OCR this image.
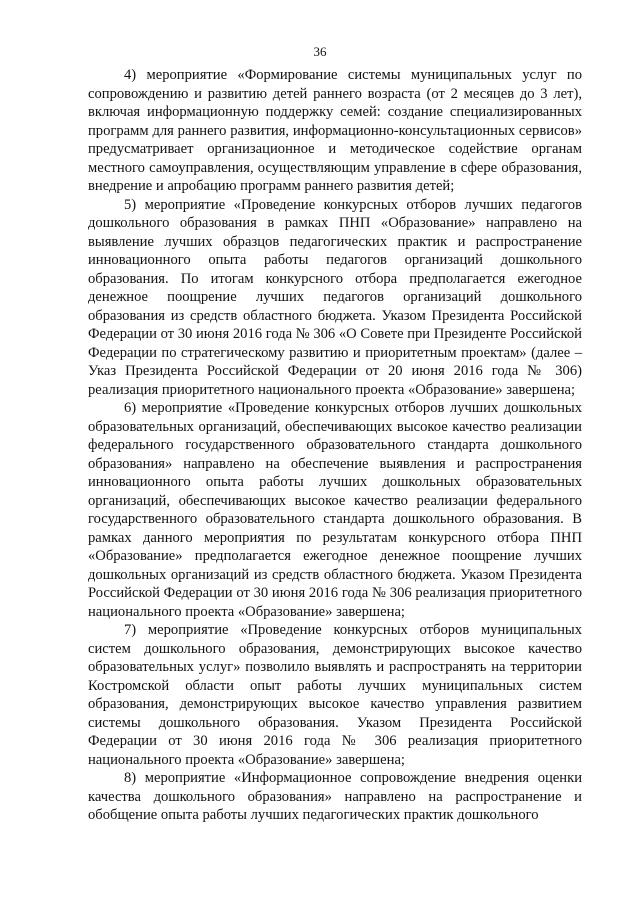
36

4) мероприятие «Формирование системы муниципальных услуг по сопровождению и развитию детей раннего возраста (от 2 месяцев до 3 лет), включая информационную поддержку семей: создание специализированных программ для раннего развития, информационно-консультационных сервисов» предусматривает организационное и методическое содействие органам местного самоуправления, осуществляющим управление в сфере образования, внедрение и апробацию программ раннего развития детей;

5) мероприятие «Проведение конкурсных отборов лучших педагогов дошкольного образования в рамках ПНП «Образование» направлено на выявление лучших образцов педагогических практик и распространение инновационного опыта работы педагогов организаций дошкольного образования. По итогам конкурсного отбора предполагается ежегодное денежное поощрение лучших педагогов организаций дошкольного образования из средств областного бюджета. Указом Президента Российской Федерации от 30 июня 2016 года № 306 «О Совете при Президенте Российской Федерации по стратегическому развитию и приоритетным проектам» (далее – Указ Президента Российской Федерации от 20 июня 2016 года № 306) реализация приоритетного национального проекта «Образование» завершена;

6) мероприятие «Проведение конкурсных отборов лучших дошкольных образовательных организаций, обеспечивающих высокое качество реализации федерального государственного образовательного стандарта дошкольного образования» направлено на обеспечение выявления и распространения инновационного опыта работы лучших дошкольных образовательных организаций, обеспечивающих высокое качество реализации федерального государственного образовательного стандарта дошкольного образования. В рамках данного мероприятия по результатам конкурсного отбора ПНП «Образование» предполагается ежегодное денежное поощрение лучших дошкольных организаций из средств областного бюджета. Указом Президента Российской Федерации от 30 июня 2016 года № 306 реализация приоритетного национального проекта «Образование» завершена;

7) мероприятие «Проведение конкурсных отборов муниципальных систем дошкольного образования, демонстрирующих высокое качество образовательных услуг» позволило выявлять и распространять на территории Костромской области опыт работы лучших муниципальных систем образования, демонстрирующих высокое качество управления развитием системы дошкольного образования. Указом Президента Российской Федерации от 30 июня 2016 года № 306 реализация приоритетного национального проекта «Образование» завершена;

8) мероприятие «Информационное сопровождение внедрения оценки качества дошкольного образования» направлено на распространение и обобщение опыта работы лучших педагогических практик дошкольного
